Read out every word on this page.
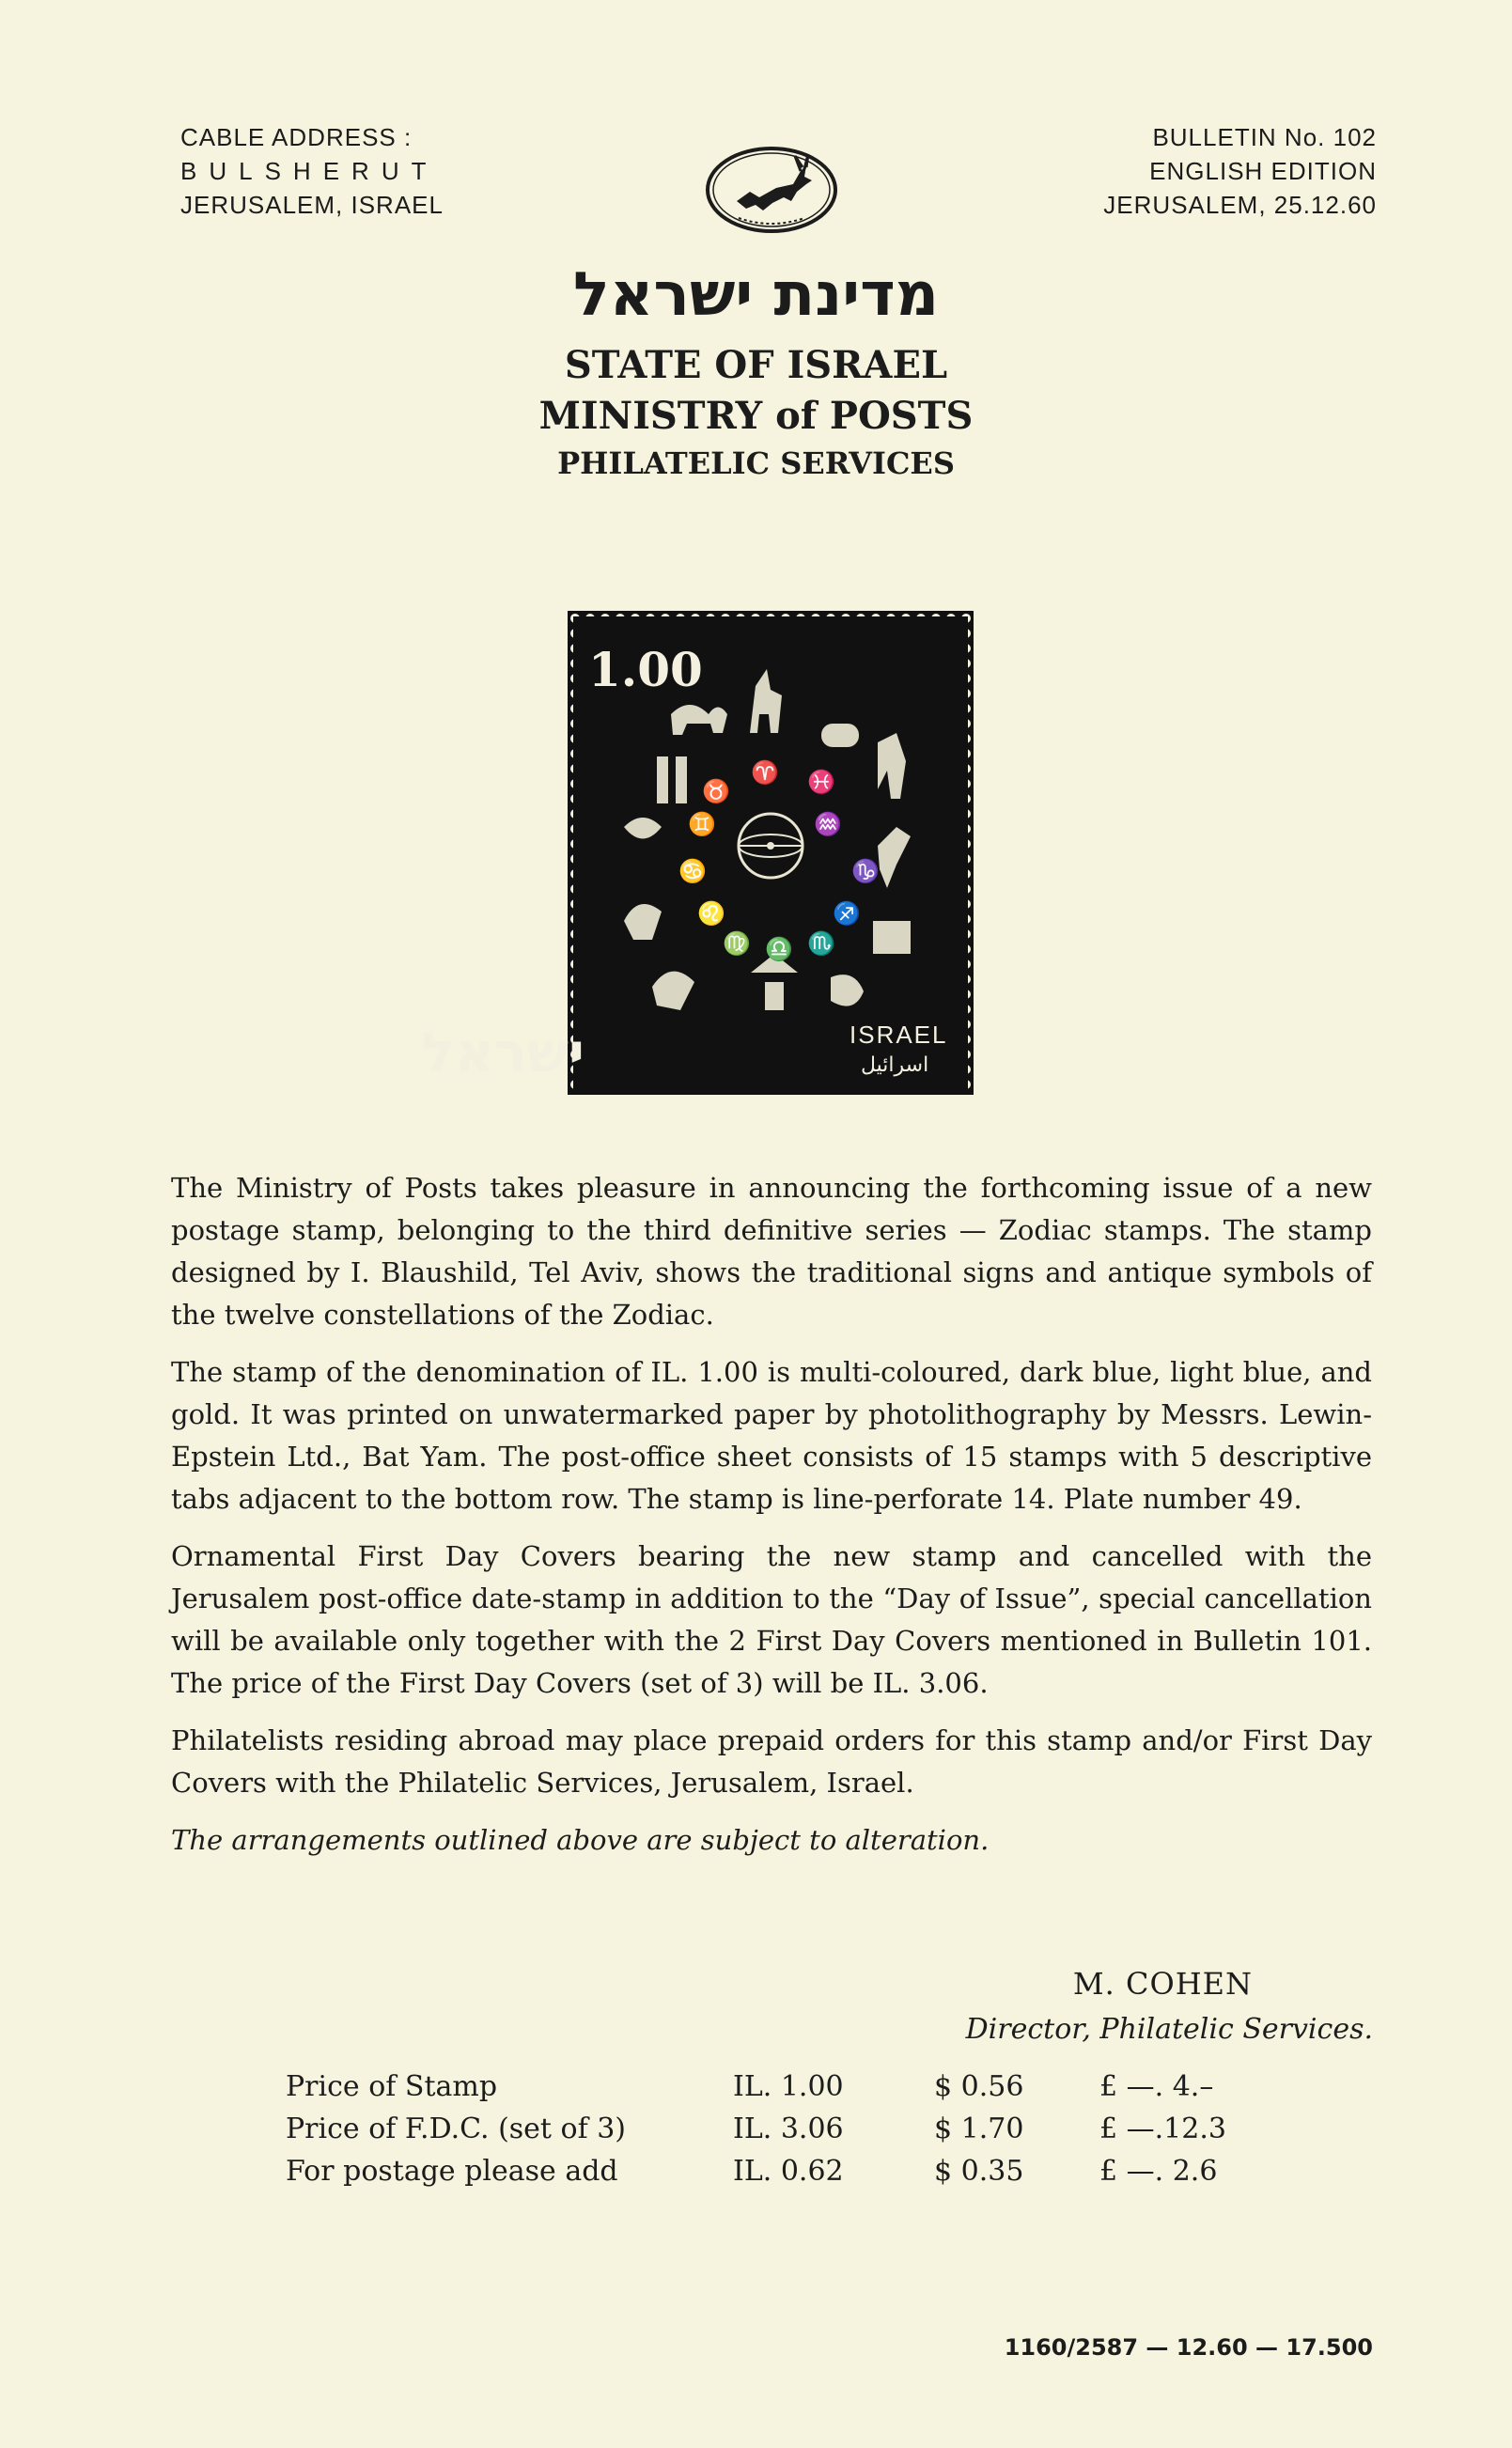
CABLE ADDRESS :
BULSHERUT
JERUSALEM, ISRAEL
BULLETIN No. 102
ENGLISH EDITION
JERUSALEM, 25.12.60
מדינת ישראל
STATE OF ISRAEL
MINISTRY of POSTS
PHILATELIC SERVICES
1.00
♉
♈ ♓
♊	♒
♋	♑
♌	♐
♍ ♎ ♏
ישראל	ISRAEL
اسرائيل

The Ministry of Posts takes pleasure in announcing the forthcoming issue of a new postage stamp, belonging to the third definitive series — Zodiac stamps. The stamp designed by I. Blaushild, Tel Aviv, shows the traditional signs and antique symbols of the twelve constellations of the Zodiac.

The stamp of the denomination of IL. 1.00 is multi-coloured, dark blue, light blue, and gold. It was printed on unwatermarked paper by photolithography by Messrs. Lewin-Epstein Ltd., Bat Yam. The post-office sheet consists of 15 stamps with 5 descriptive tabs adjacent to the bottom row. The stamp is line-perforate 14. Plate number 49.

Ornamental First Day Covers bearing the new stamp and cancelled with the Jerusalem post-office date-stamp in addition to the “Day of Issue”, special cancellation will be available only together with the 2 First Day Covers mentioned in Bulletin 101. The price of the First Day Covers (set of 3) will be IL. 3.06.

Philatelists residing abroad may place prepaid orders for this stamp and/or First Day Covers with the Philatelic Services, Jerusalem, Israel.

The arrangements outlined above are subject to alteration.

M. COHEN
Director, Philatelic Services.
Price of Stamp	IL. 1.00	$ 0.56	£ —. 4.–
Price of F.D.C. (set of 3)	IL. 3.06	$ 1.70	£ —.12.3
For postage please add	IL. 0.62	$ 0.35	£ —. 2.6
1160/2587 — 12.60 — 17.500
